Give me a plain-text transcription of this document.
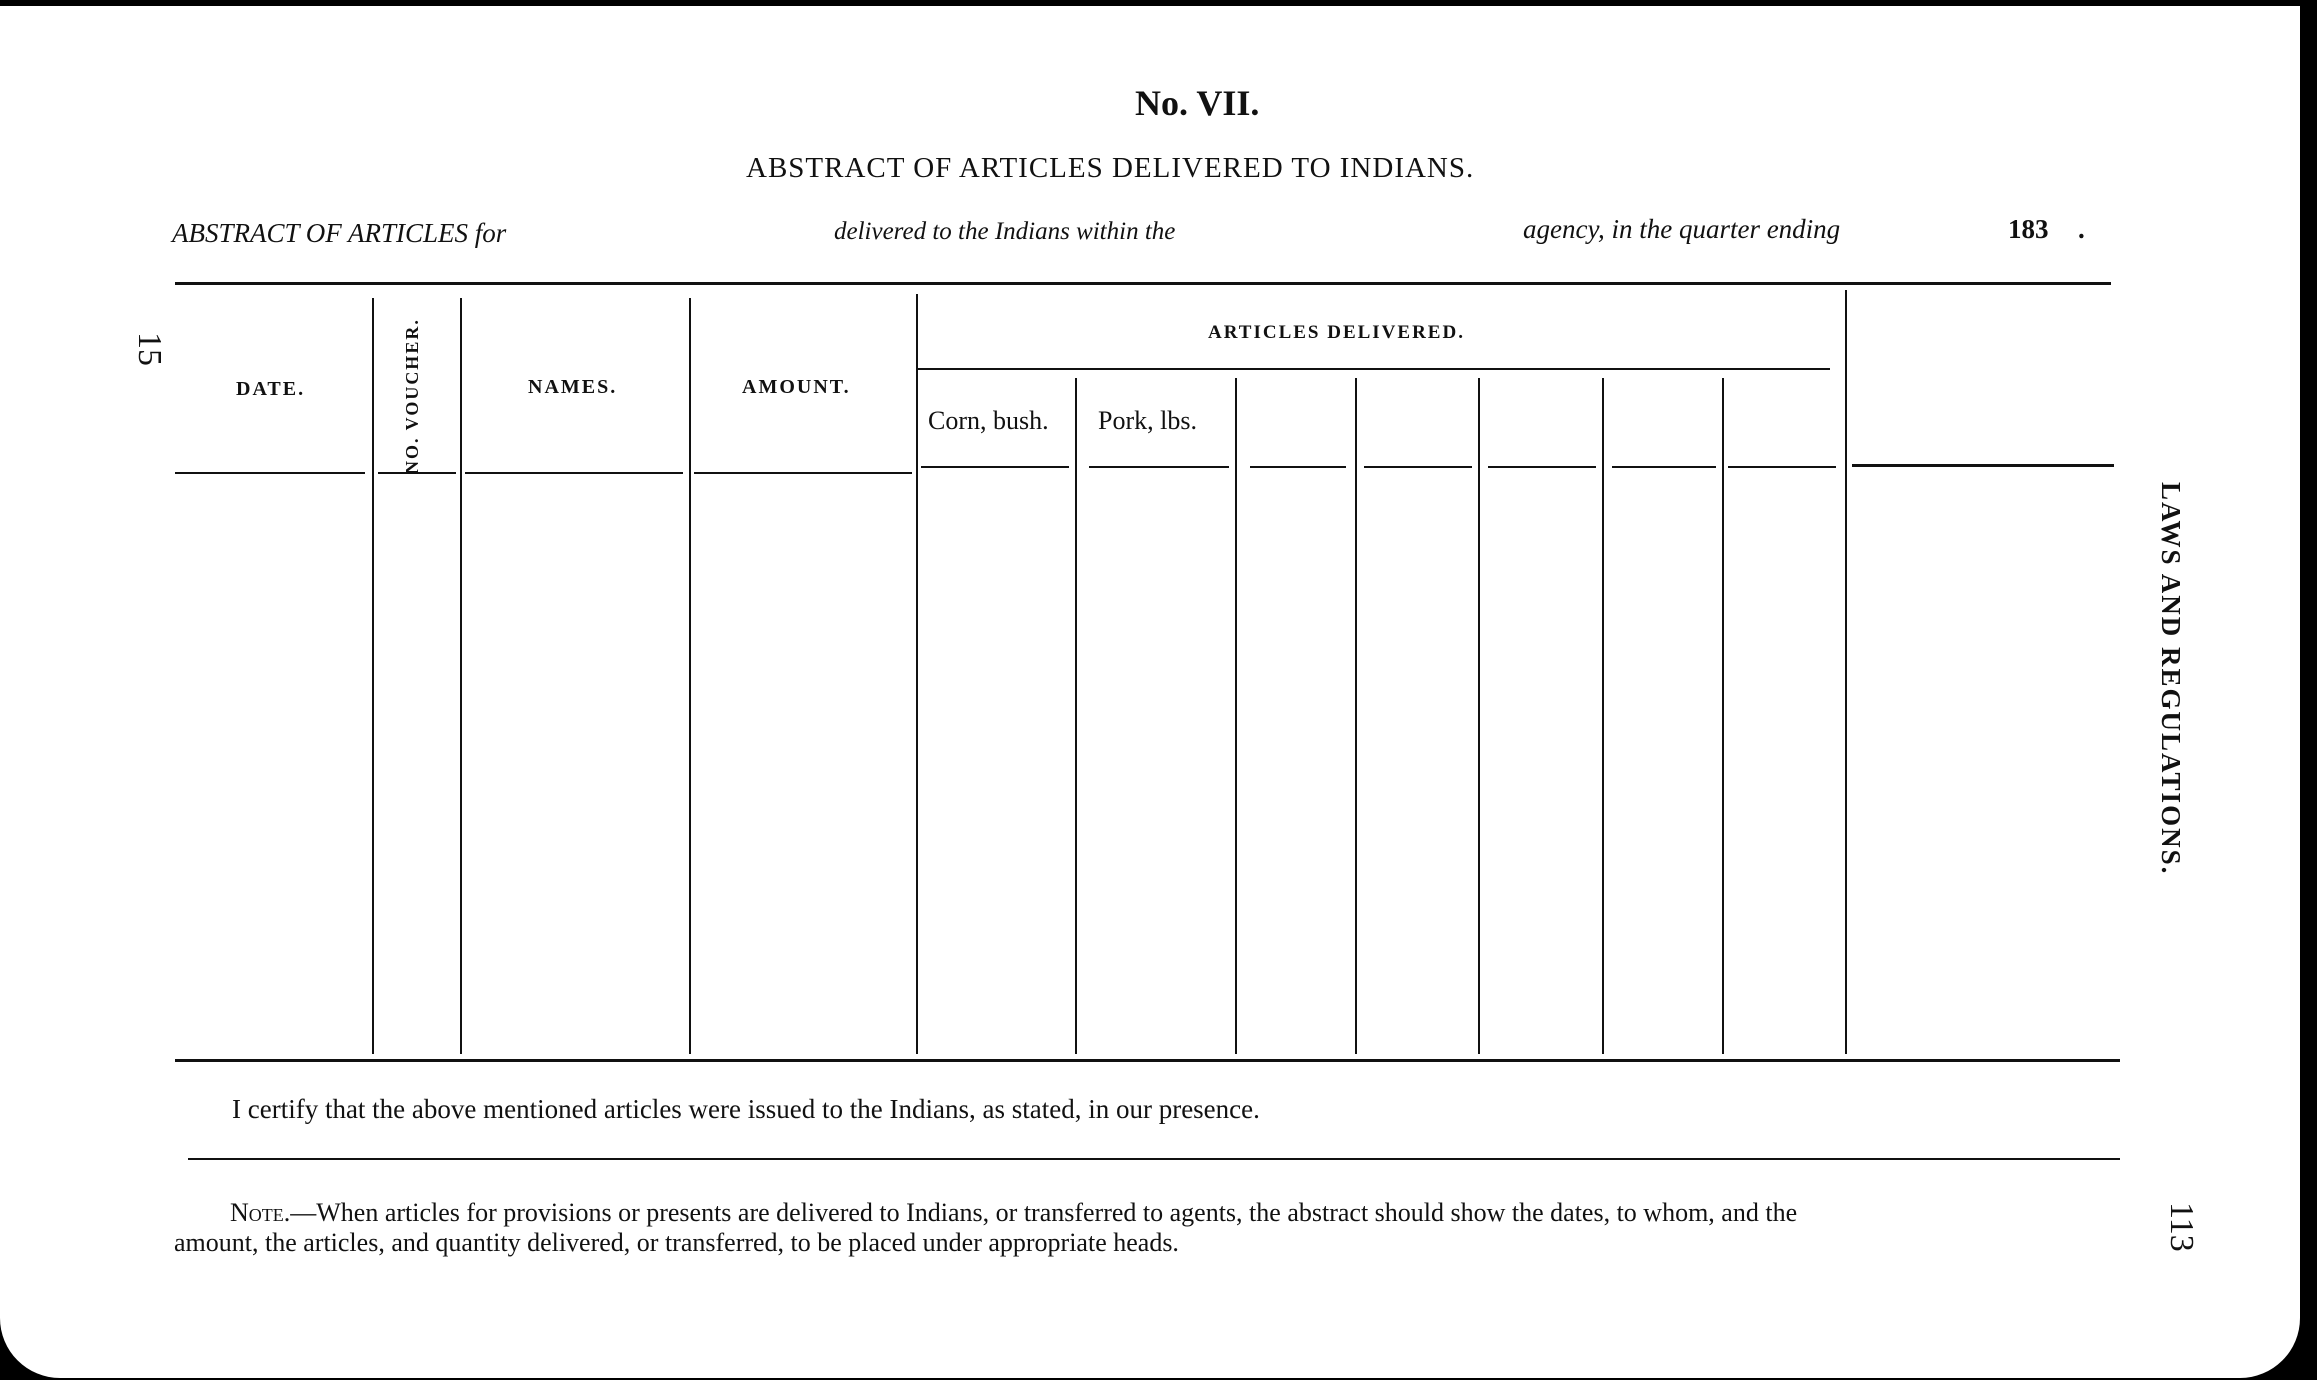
No. VII.
ABSTRACT OF ARTICLES DELIVERED TO INDIANS.
ABSTRACT OF ARTICLES for	delivered to the Indians within the	agency, in the quarter ending	183 .
DATE.	NO. VOUCHER.	NAMES.	AMOUNT.
ARTICLES DELIVERED.
Corn, bush. Pork, lbs.
I certify that the above mentioned articles were issued to the Indians, as stated, in our presence.
Note.—When articles for provisions or presents are delivered to Indians, or transferred to agents, the abstract should show the dates, to whom, and the
amount, the articles, and quantity delivered, or transferred, to be placed under appropriate heads.
15
LAWS AND REGULATIONS.
113
